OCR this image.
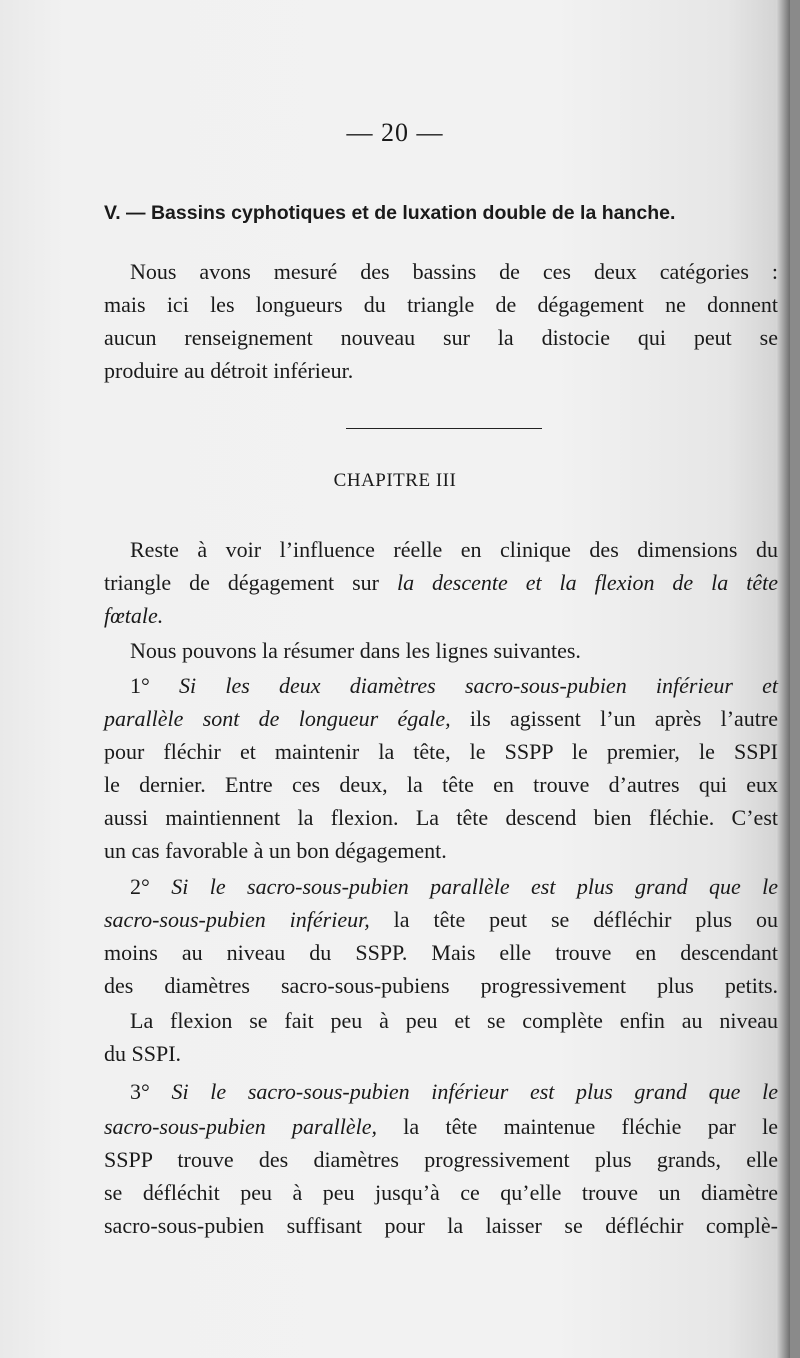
— 20 —
V. — Bassins cyphotiques et de luxation double de la hanche.
Nous avons mesuré des bassins de ces deux catégories :
mais ici les longueurs du triangle de dégagement ne donnent
aucun renseignement nouveau sur la distocie qui peut se
produire au détroit inférieur.
CHAPITRE III
Reste à voir l’influence réelle en clinique des dimensions du
triangle de dégagement sur la descente et la flexion de la tête
fœtale.
Nous pouvons la résumer dans les lignes suivantes.
1° Si les deux diamètres sacro-sous-pubien inférieur et
parallèle sont de longueur égale, ils agissent l’un après l’autre
pour fléchir et maintenir la tête, le SSPP le premier, le SSPI
le dernier. Entre ces deux, la tête en trouve d’autres qui eux
aussi maintiennent la flexion. La tête descend bien fléchie. C’est
un cas favorable à un bon dégagement.
2° Si le sacro-sous-pubien parallèle est plus grand que le
sacro-sous-pubien inférieur, la tête peut se défléchir plus ou
moins au niveau du SSPP. Mais elle trouve en descendant
des diamètres sacro-sous-pubiens progressivement plus petits.
La flexion se fait peu à peu et se complète enfin au niveau
du SSPI.
3° Si le sacro-sous-pubien inférieur est plus grand que le
sacro-sous-pubien parallèle, la tête maintenue fléchie par le
SSPP trouve des diamètres progressivement plus grands, elle
se défléchit peu à peu jusqu’à ce qu’elle trouve un diamètre
sacro-sous-pubien suffisant pour la laisser se défléchir complè-
